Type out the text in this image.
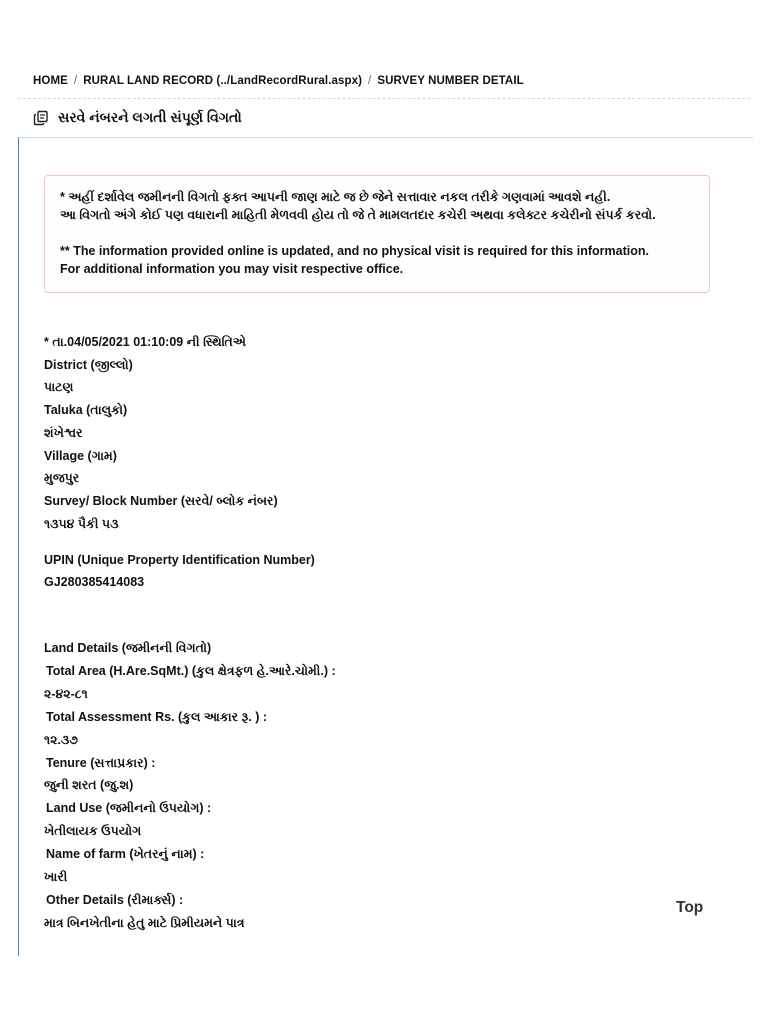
HOME / RURAL LAND RECORD (../LandRecordRural.aspx) / SURVEY NUMBER DETAIL
સરવે નંબરને લગતી સંપૂર્ણ વિગતો

* અહીં દર્શાવેલ જમીનની વિગતો ફક્ત આપની જાણ માટે જ છે જેને સત્તાવાર નકલ તરીકે ગણવામાં આવશે નહી.

આ વિગતો અંગે કોઈ પણ વધારાની માહિતી મેળવવી હોય તો જે તે મામલતદાર કચેરી અથવા કલેક્ટર કચેરીનો સંપર્ક કરવો.

** The information provided online is updated, and no physical visit is required for this information.

For additional information you may visit respective office.

* તા.04/05/2021 01:10:09 ની સ્થિતિએ
District (જીલ્લો)
પાટણ
Taluka (તાલુકો)
શંખેશ્વર
Village (ગામ)
મુજપુર
Survey/ Block Number (સરવે/ બ્લોક નંબર)
૧૩૫૪ પૈકી ૫૩
UPIN (Unique Property Identification Number)
GJ280385414083
Land Details (જમીનની વિગતો)
Total Area (H.Are.SqMt.) (કુલ ક્ષેત્રફળ હે.આરે.ચોમી.) :
૨-૪૨-૮૧
Total Assessment Rs. (કુલ આકાર રૂ. ) :
૧૨.૩૭
Tenure (સત્તાપ્રકાર) :
જુની શરત (જુ.શ)
Land Use (જમીનનો ઉપયોગ) :
ખેતીલાયક ઉપયોગ
Name of farm (ખેતરનું નામ) :
ખારી
Other Details (રીમાર્ક્સ) :
માત્ર બિનખેતીના હેતુ માટે પ્રિમીયમને પાત્ર
Top
